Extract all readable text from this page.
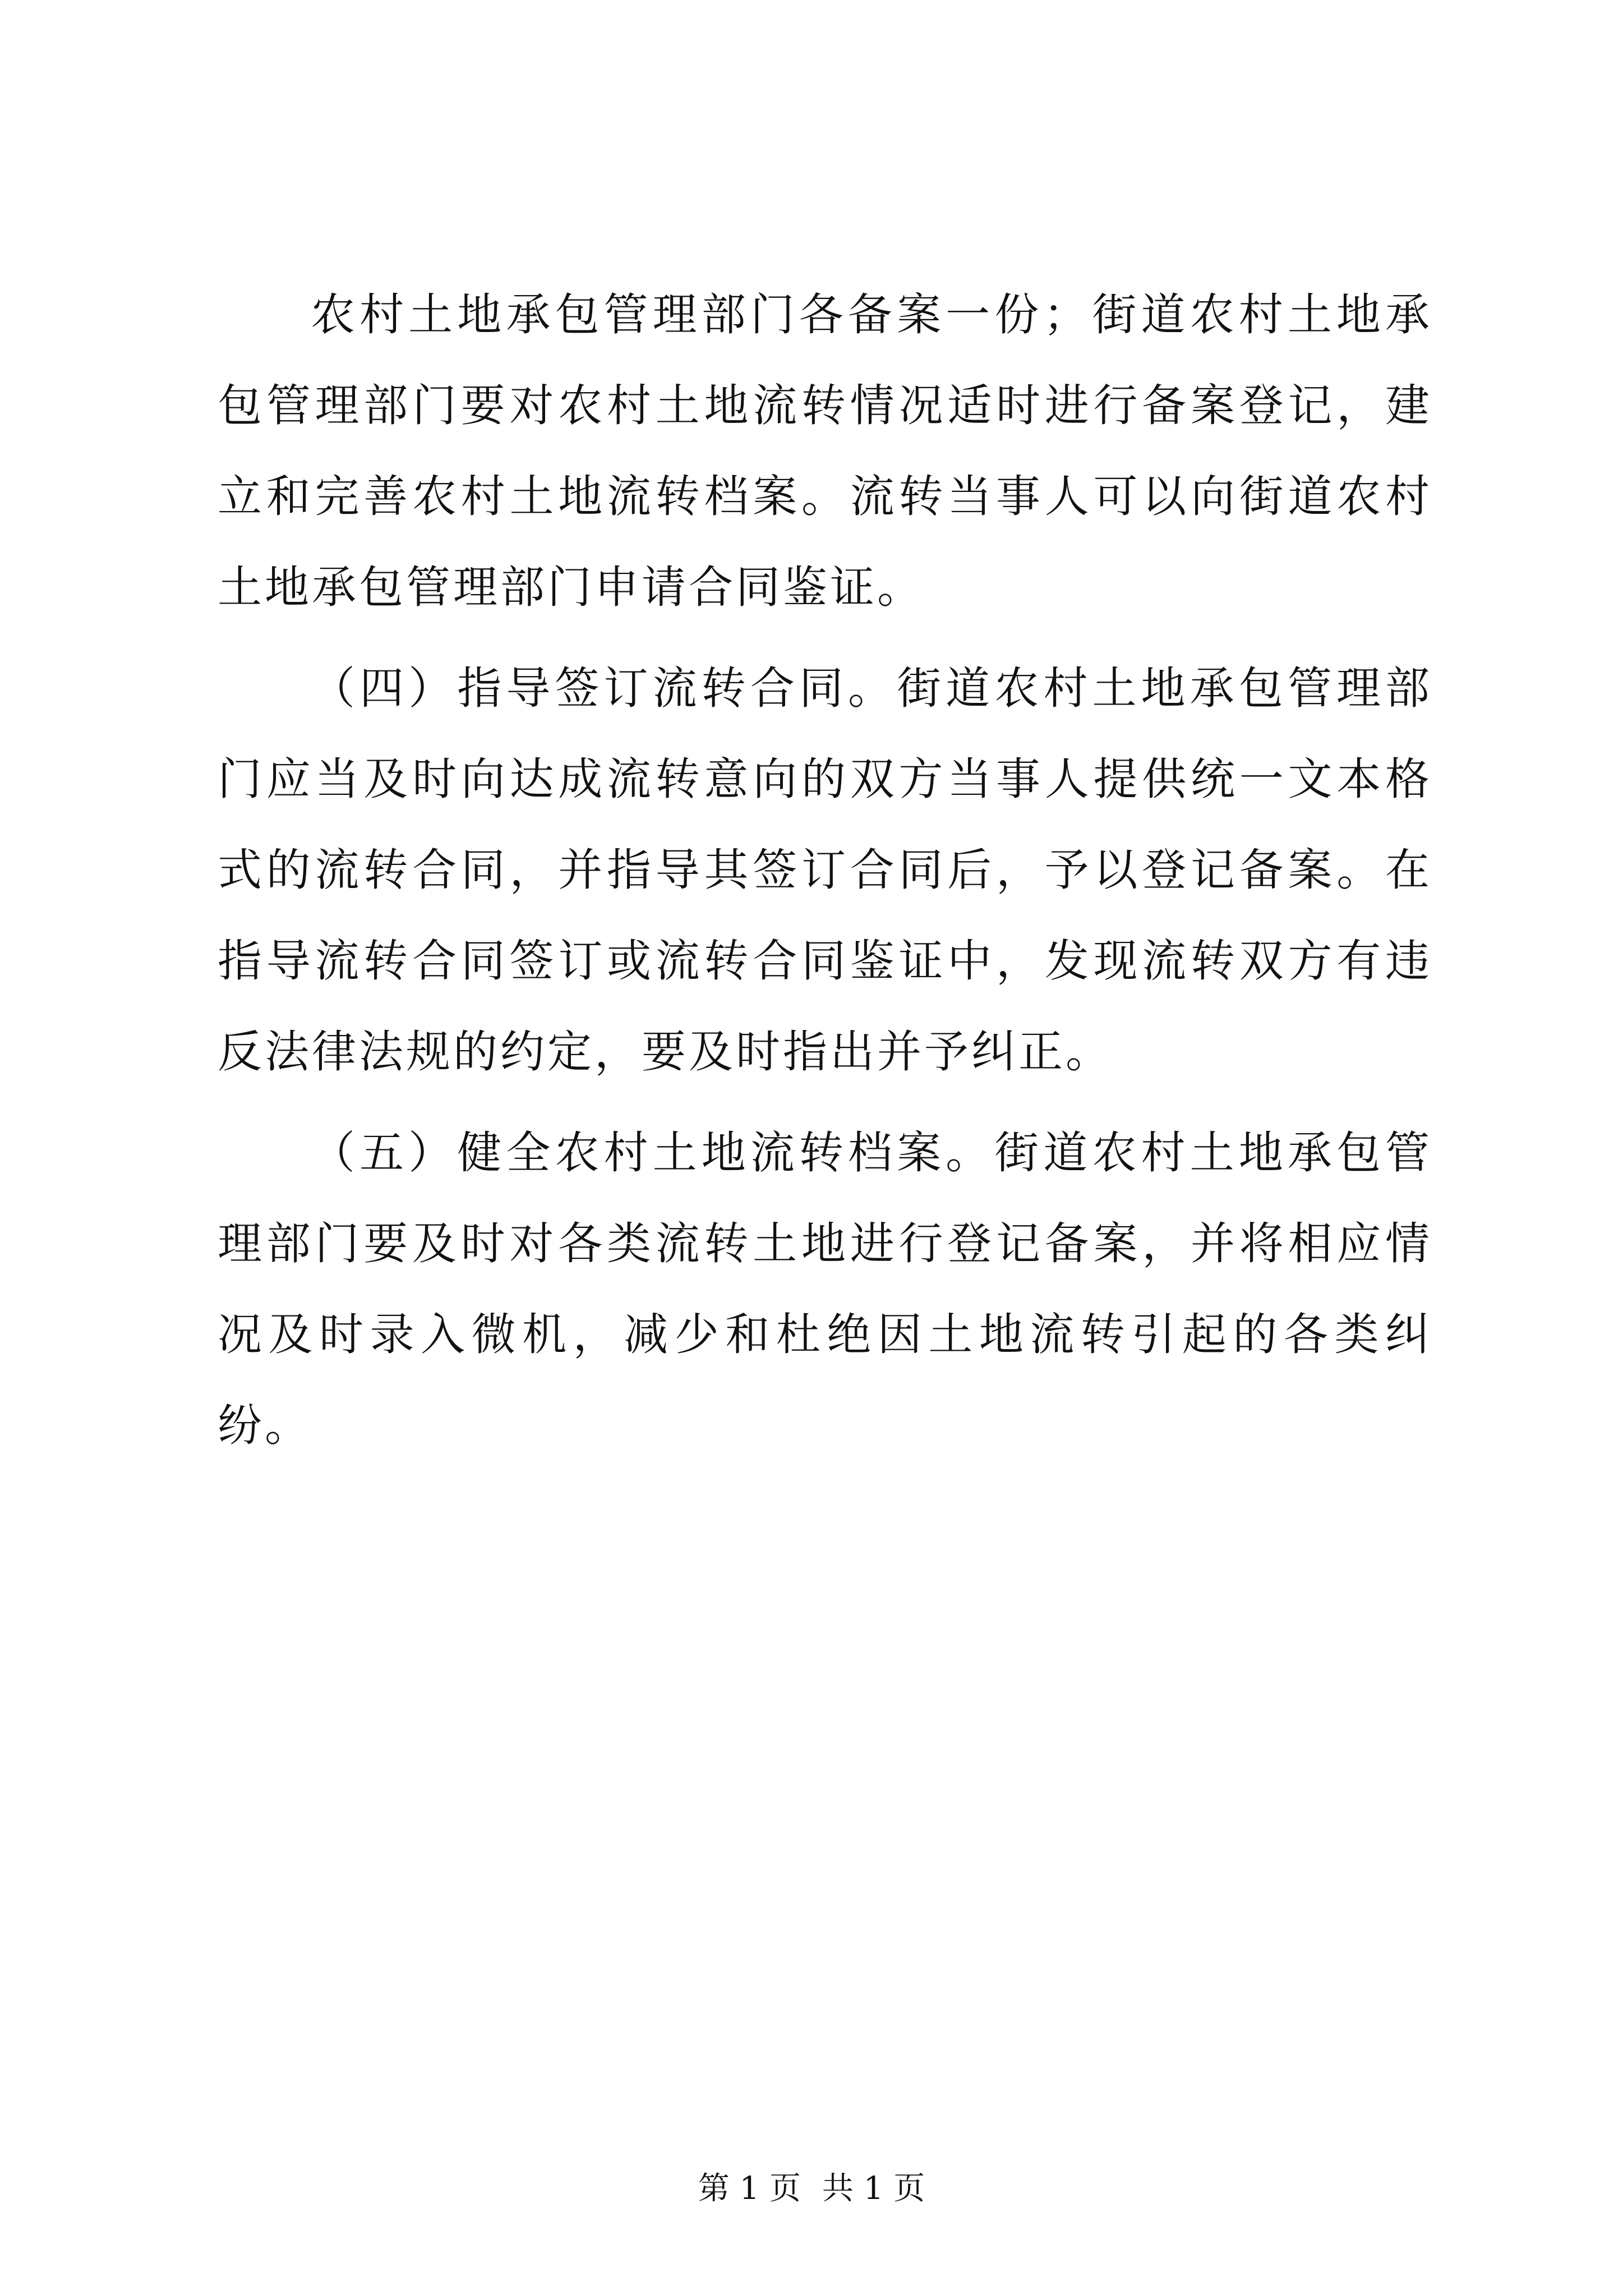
农村土地承包管理部门各备案一份；街道农村土地承包管理部门要对农村土地流转情况适时进行备案登记，建立和完善农村土地流转档案。流转当事人可以向街道农村土地承包管理部门申请合同鉴证。

（四）指导签订流转合同。街道农村土地承包管理部门应当及时向达成流转意向的双方当事人提供统一文本格式的流转合同，并指导其签订合同后，予以登记备案。在指导流转合同签订或流转合同鉴证中，发现流转双方有违反法律法规的约定，要及时指出并予纠正。

（五）健全农村土地流转档案。街道农村土地承包管理部门要及时对各类流转土地进行登记备案，并将相应情况及时录入微机，减少和杜绝因土地流转引起的各类纠纷。

第 1 页 共 1 页
